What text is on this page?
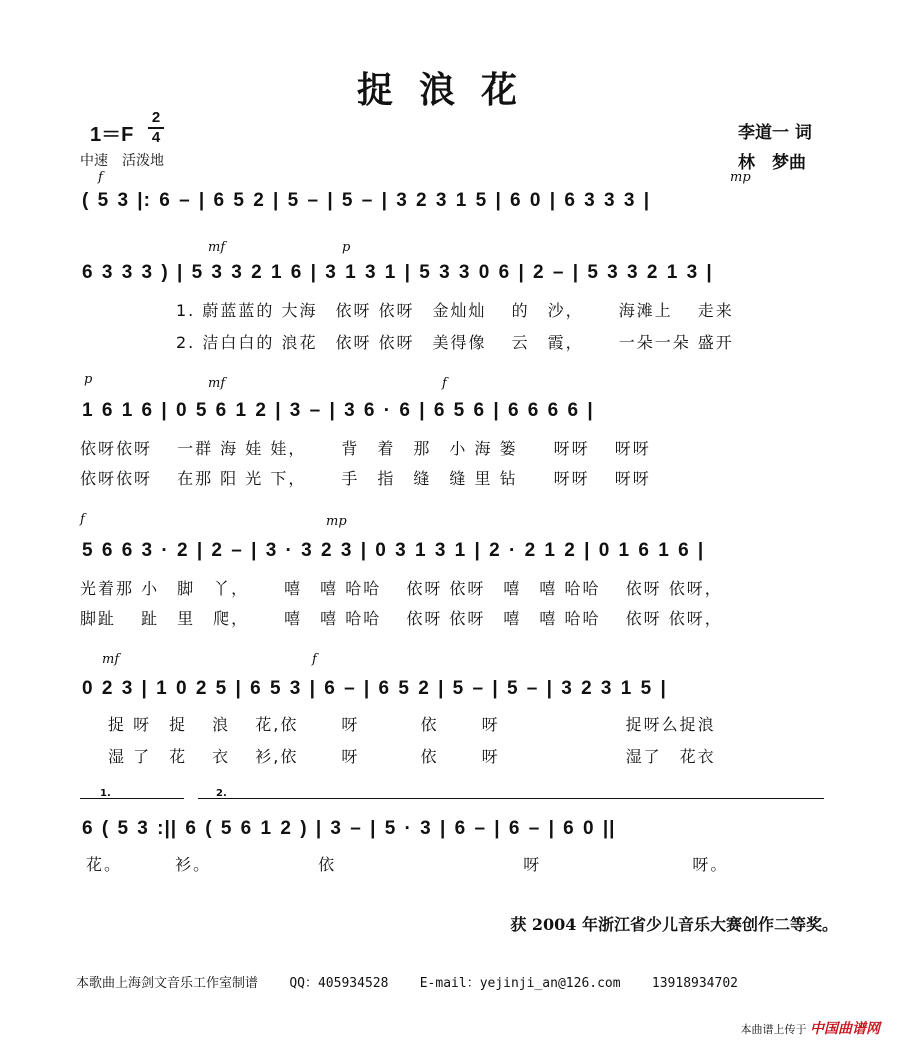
捉浪花
1＝F
2
4
中速　活泼地
李道一 词
林　梦曲
f	mp
( 5 3 |: 6 – | 6 5 2 | 5 – | 5 – | 3 2 3 1 5 | 6 0 | 6 3 3 3 |
mf	p
6 3 3 3 ) | 5 3 3 2 1 6 | 3 1 3 1 | 5 3 3 0 6 | 2 – | 5 3 3 2 1 3 |
1. 蔚蓝蓝的 大海　依呀 依呀　金灿灿　 的　沙，　　 海滩上　 走来
2. 洁白白的 浪花　依呀 依呀　美得像　 云　霞，　　 一朵一朵 盛开
p	mf	f
1 6 1 6 | 0 5 6 1 2 | 3 – | 3 6 · 6 | 6 5 6 | 6 6 6 6 |
依呀依呀　 一群 海 娃 娃，　　 背　着　那　小 海 篓　　呀呀　 呀呀
依呀依呀　 在那 阳 光 下，　　 手　指　缝　缝 里 钻　　呀呀　 呀呀
f	mp
5 6 6 3 · 2 | 2 – | 3 · 3 2 3 | 0 3 1 3 1 | 2 · 2 1 2 | 0 1 6 1 6 |
光着那 小　脚　丫，　　 嘻　嘻 哈哈　 依呀 依呀　嘻　嘻 哈哈　 依呀 依呀，
脚趾　 趾　里　爬，　　 嘻　嘻 哈哈　 依呀 依呀　嘻　嘻 哈哈　 依呀 依呀，
mf	f
0 2 3 | 1 0 2 5 | 6 5 3 | 6 – | 6 5 2 | 5 – | 5 – | 3 2 3 1 5 |
捉 呀　捉　 浪　 花,依　　 呀　　　 依　　 呀　　　　　　　捉呀么捉浪
湿 了　花　 衣　 衫,依　　 呀　　　 依　　 呀　　　　　　　湿了　花衣
1.	2.
6 ( 5 3 :|| 6 ( 5 6 1 2 ) | 3 – | 5 · 3 | 6 – | 6 – | 6 0 ||
花。　　　 衫。　　　　　　 依　　　　　　　　　　 呀　　　　　　　　 呀。
获 2004 年浙江省少儿音乐大赛创作二等奖。
本歌曲上海剑文音乐工作室制谱 QQ：405934528 E-mail：yejinji_an@126.com 13918934702
本曲谱上传于 中国曲谱网
